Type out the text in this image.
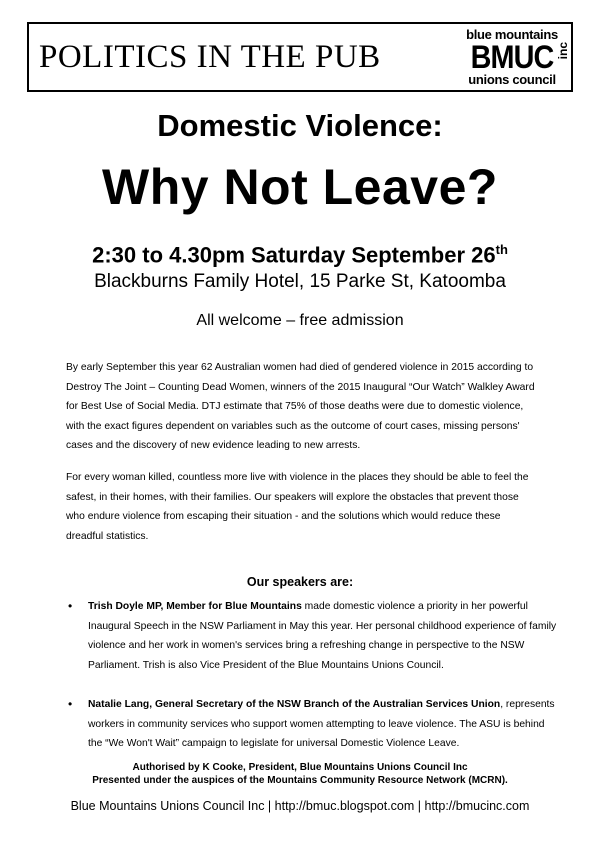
POLITICS IN THE PUB
blue mountains
BMUC inc
unions council
Domestic Violence:
Why Not Leave?
2:30 to 4.30pm Saturday September 26th
Blackburns Family Hotel, 15 Parke St, Katoomba
All welcome – free admission
By early September this year 62 Australian women had died of gendered violence in 2015 according to Destroy The Joint – Counting Dead Women, winners of the 2015 Inaugural “Our Watch” Walkley Award for Best Use of Social Media. DTJ estimate that 75% of those deaths were due to domestic violence, with the exact figures dependent on variables such as the outcome of court cases, missing persons' cases and the discovery of new evidence leading to new arrests.
For every woman killed, countless more live with violence in the places they should be able to feel the safest, in their homes, with their families. Our speakers will explore the obstacles that prevent those who endure violence from escaping their situation - and the solutions which would reduce these dreadful statistics.
Our speakers are:
• Trish Doyle MP, Member for Blue Mountains made domestic violence a priority in her powerful Inaugural Speech in the NSW Parliament in May this year. Her personal childhood experience of family violence and her work in women's services bring a refreshing change in perspective to the NSW Parliament. Trish is also Vice President of the Blue Mountains Unions Council.
• Natalie Lang, General Secretary of the NSW Branch of the Australian Services Union, represents workers in community services who support women attempting to leave violence. The ASU is behind the “We Won't Wait” campaign to legislate for universal Domestic Violence Leave.
Authorised by K Cooke, President, Blue Mountains Unions Council Inc
Presented under the auspices of the Mountains Community Resource Network (MCRN).
Blue Mountains Unions Council Inc | http://bmuc.blogspot.com | http://bmucinc.com
